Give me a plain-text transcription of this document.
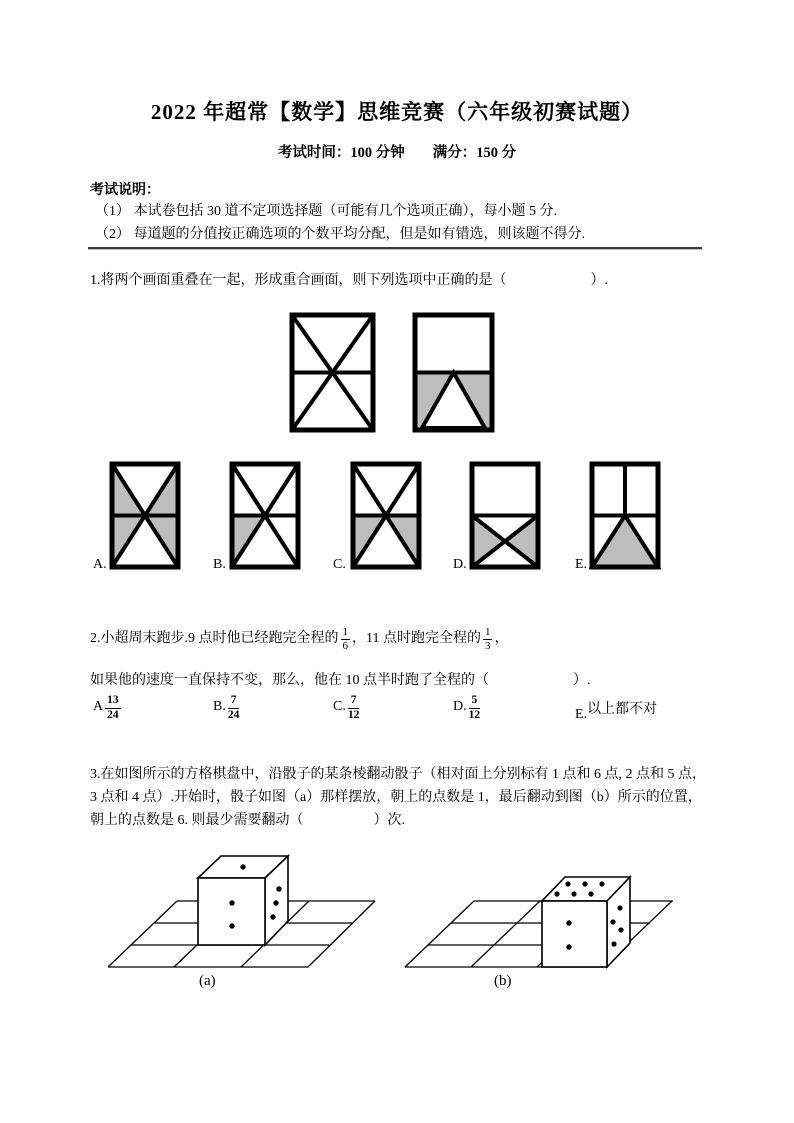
2022 年超常【数学】思维竞赛（六年级初赛试题）
考试时间：100 分钟 满分：150 分
考试说明：
（1） 本试卷包括 30 道不定项选择题（可能有几个选项正确），每小题 5 分.
（2） 每道题的分值按正确选项的个数平均分配，但是如有错选，则该题不得分.
1.将两个画面重叠在一起，形成重合画面，则下列选项中正确的是（　　　　　　）.
A.	B.	C.	D.	E.
2.小超周末跑步.9 点时他已经跑完全程的 $\frac{1}{6}$ ，11 点时跑完全程的 $\frac{1}{3}$ ，
如果他的速度一直保持不变，那么，他在 10 点半时跑了全程的（　　　　　　）.
A $\frac{13}{24}$	B. $\frac{7}{24}$	C. $\frac{7}{12}$	D. $\frac{5}{12}$	E.以上都不对
3.在如图所示的方格棋盘中，沿骰子的某条棱翻动骰子（相对面上分别标有 1 点和 6 点, 2 点和 5 点，
3 点和 4 点）.开始时，骰子如图（a）那样摆放，朝上的点数是 1，最后翻动到图（b）所示的位置，
朝上的点数是 6. 则最少需要翻动（　　　　　）次.
(a)	(b)
